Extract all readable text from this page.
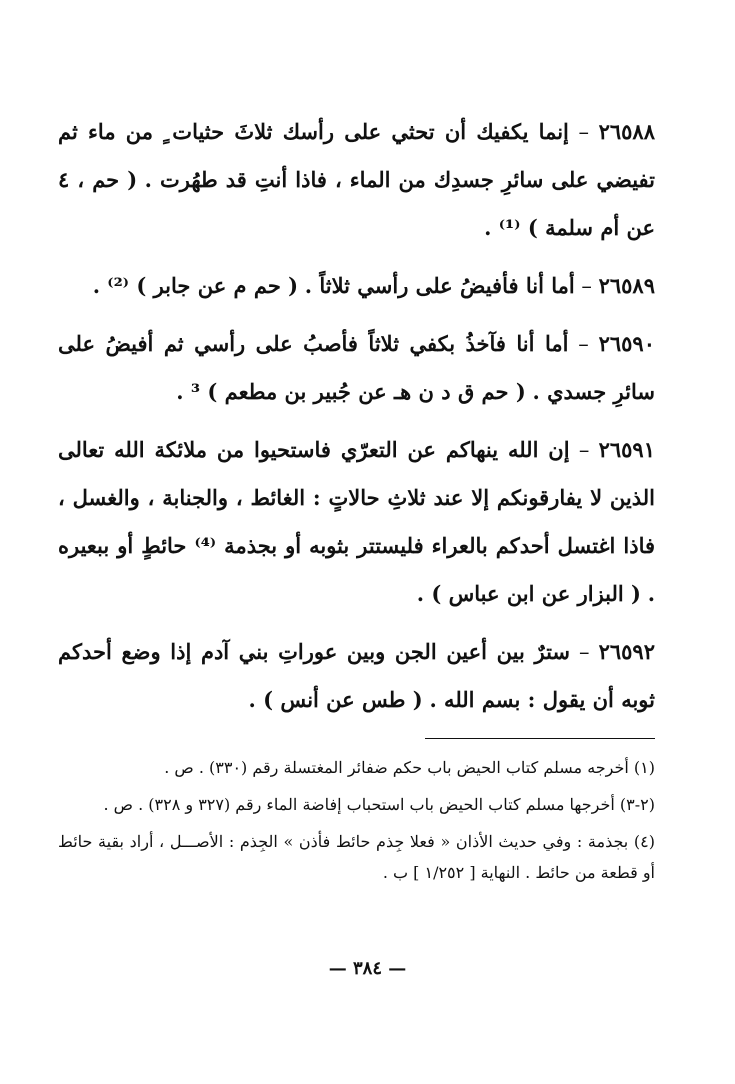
٢٦٥٨٨ – إنما يكفيك أن تحثي على رأسك ثلاثَ حثيات ٍ من ماء ثم تفيضي على سائرِ جسدِك من الماء ، فاذا أنتِ قد طهُرت . ( حم ، ٤ عن أم سلمة ) ⁽¹⁾ .
٢٦٥٨٩ – أما أنا فأفيضُ على رأسي ثلاثاً . ( حم م عن جابر ) ⁽²⁾ .
٢٦٥٩٠ – أما أنا فآخذُ بكفي ثلاثاً فأصبُ على رأسي ثم أفيضُ على سائرِ جسدي . ( حم ق د ن هـ عن جُبير بن مطعم ) ³ .
٢٦٥٩١ – إن الله ينهاكم عن التعرّي فاستحيوا من ملائكة الله تعالى الذين لا يفارقونكم إلا عند ثلاثِ حالاتٍ : الغائط ، والجنابة ، والغسل ، فاذا اغتسل أحدكم بالعراء فليستتر بثوبه أو بجذمة ⁽⁴⁾ حائطٍ أو ببعيره . ( البزار عن ابن عباس ) .
٢٦٥٩٢ – سترٌ بين أعين الجن وبين عوراتِ بني آدم إذا وضع أحدكم ثوبه أن يقول : بسم الله . ( طس عن أنس ) .
(١) أخرجه مسلم كتاب الحيض باب حكم ضفائر المغتسلة رقم (٣٣٠) . ص .
(٢-٣) أخرجها مسلم كتاب الحيض باب استحباب إفاضة الماء رقم (٣٢٧ و ٣٢٨) . ص .
(٤) بجذمة : وفي حديث الأذان « فعلا جِذم حائط فأذن » الجِذم : الأصـــل ، أراد بقية حائط أو قطعة من حائط . النهاية [ ١/٢٥٢ ] ب .
— ٣٨٤ —
